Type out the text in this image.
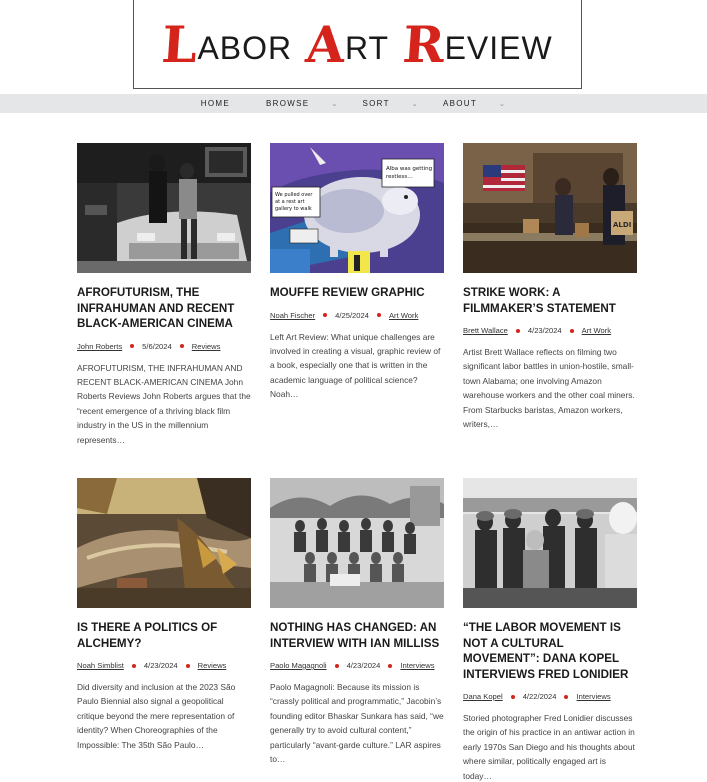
L
ABOR A
RT R
EVIEW
HOME	BROWSE	⌄	SORT	⌄	ABOUT	⌄
AFROFUTURISM, THE INFRAHUMAN AND RECENT BLACK-AMERICAN CINEMA
John Roberts	5/6/2024	Reviews

AFROFUTURISM, THE INFRAHUMAN AND RECENT BLACK-AMERICAN CINEMA John Roberts Reviews John Roberts argues that the “recent emergence of a thriving black film industry in the US in the millennium represents…

Alba was getting
restless…
We pulled over
at a rest art
gallery to walk
MOUFFE REVIEW GRAPHIC
Noah Fischer	4/25/2024	Art Work

Left Art Review: What unique challenges are involved in creating a visual, graphic review of a book, especially one that is written in the academic language of political science? Noah…

ALDI
STRIKE WORK: A FILMMAKER’S STATEMENT
Brett Wallace	4/23/2024	Art Work

Artist Brett Wallace reflects on filming two significant labor battles in union-hostile, small-town Alabama; one involving Amazon warehouse workers and the other coal miners. From Starbucks baristas, Amazon workers, writers,…

IS THERE A POLITICS OF ALCHEMY?
Noah Simblist	4/23/2024	Reviews

Did diversity and inclusion at the 2023 São Paulo Biennial also signal a geopolitical critique beyond the mere representation of identity? When Choreographies of the Impossible: The 35th São Paulo…

NOTHING HAS CHANGED: AN INTERVIEW WITH IAN MILLISS
Paolo Magagnoli	4/23/2024	Interviews

Paolo Magagnoli: Because its mission is “crassly political and programmatic,” Jacobin’s founding editor Bhaskar Sunkara has said, “we generally try to avoid cultural content,” particularly “avant-garde culture.” LAR aspires to…

“THE LABOR MOVEMENT IS NOT A CULTURAL MOVEMENT”: DANA KOPEL INTERVIEWS FRED LONIDIER
Dana Kopel	4/22/2024	Interviews

Storied photographer Fred Lonidier discusses the origin of his practice in an antiwar action in early 1970s San Diego and his thoughts about where similar, politically engaged art is today…
